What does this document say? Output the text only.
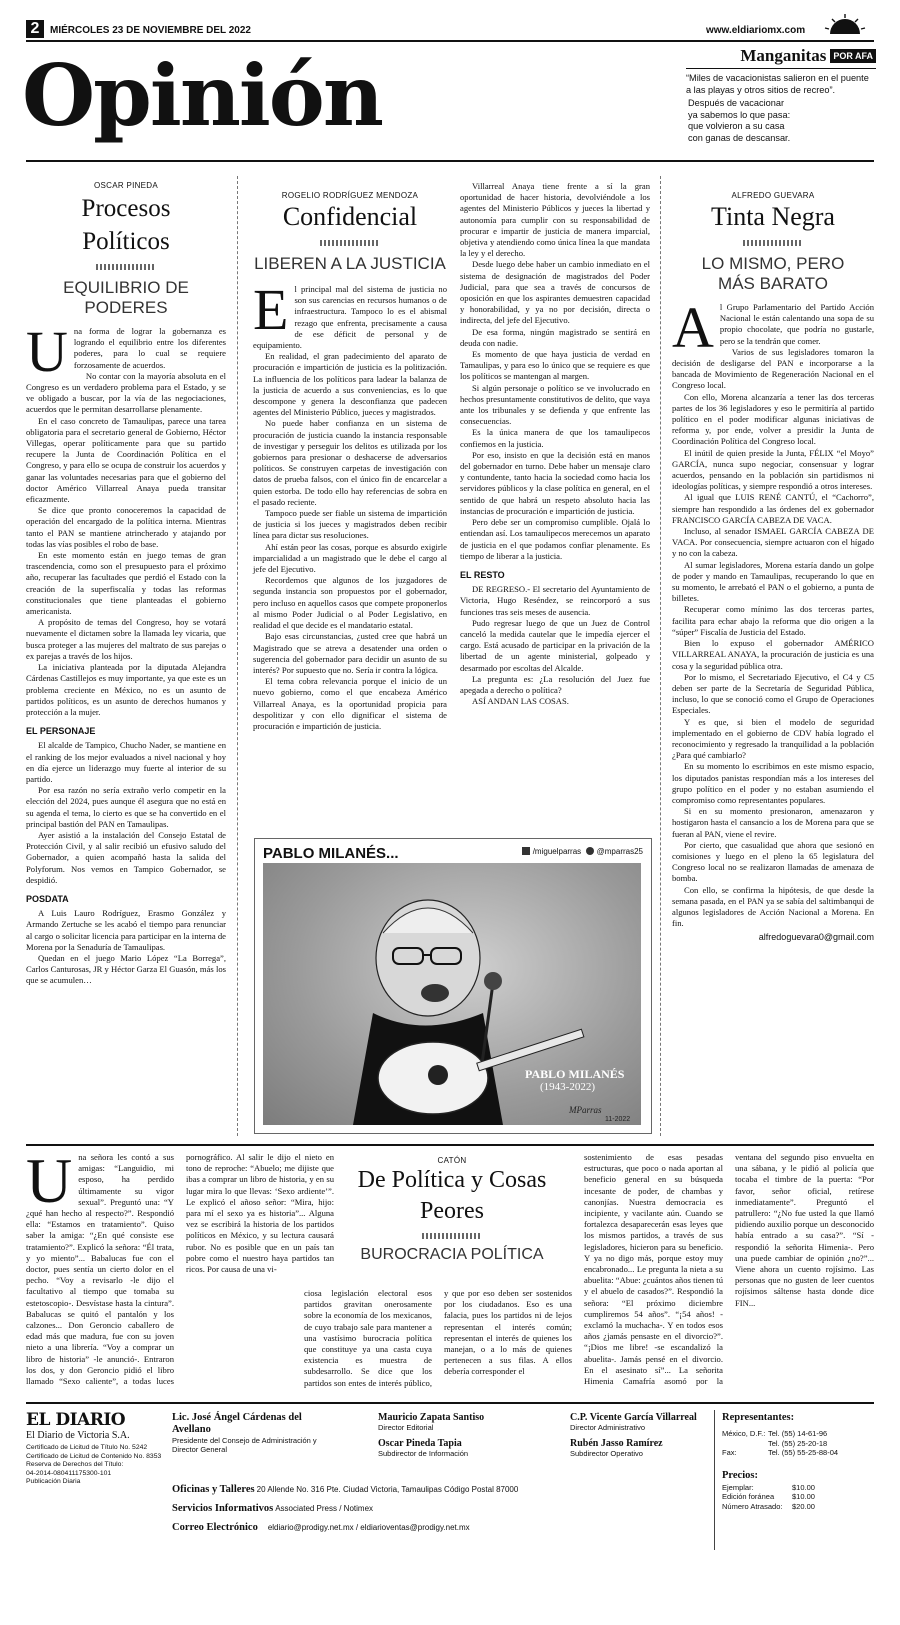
2	MIÉRCOLES 23 DE NOVIEMBRE DEL 2022	www.eldiariomx.com
Opinión	Manganitas POR AFA
“Miles de vacacionistas salieron en el puente a las playas y otros sitios de recreo”.
Después de vacacionar
ya sabemos lo que pasa:
que volvieron a su casa
con ganas de descansar.
OSCAR PINEDA
Procesos Políticos
EQUILIBRIO DE PODERES
U na forma de lograr la gobernanza es logrando el equilibrio entre los diferentes poderes, para lo cual se requiere forzosamente de acuerdos.

No contar con la mayoría absoluta en el Congreso es un verdadero problema para el Estado, y se ve obligado a buscar, por la vía de las negociaciones, acuerdos que le permitan desarrollarse plenamente.

En el caso concreto de Tamaulipas, parece una tarea obligatoria para el secretario general de Gobierno, Héctor Villegas, operar políticamente para que su partido recupere la Junta de Coordinación Política en el Congreso, y para ello se ocupa de construir los acuerdos y ganar las voluntades necesarias para que el gobierno del doctor Américo Villarreal Anaya pueda transitar eficazmente.

Se dice que pronto conoceremos la capacidad de operación del encargado de la política interna. Mientras tanto el PAN se mantiene atrincherado y atajando por todas las vías posibles el robo de base.

En este momento están en juego temas de gran trascendencia, como son el presupuesto para el próximo año, recuperar las facultades que perdió el Estado con la creación de la superfiscalía y todas las reformas constitucionales que tiene planteadas el gobierno americanista.

A propósito de temas del Congreso, hoy se votará nuevamente el dictamen sobre la llamada ley vicaria, que busca proteger a las mujeres del maltrato de sus parejas o ex parejas a través de los hijos.

La iniciativa planteada por la diputada Alejandra Cárdenas Castillejos es muy importante, ya que este es un problema creciente en México, no es un asunto de partidos políticos, es un asunto de derechos humanos y protección a la mujer.

EL PERSONAJE

El alcalde de Tampico, Chucho Nader, se mantiene en el ranking de los mejor evaluados a nivel nacional y hoy en día ejerce un liderazgo muy fuerte al interior de su partido.

Por esa razón no sería extraño verlo competir en la elección del 2024, pues aunque él asegura que no está en su agenda el tema, lo cierto es que se ha convertido en el principal bastión del PAN en Tamaulipas.

Ayer asistió a la instalación del Consejo Estatal de Protección Civil, y al salir recibió un efusivo saludo del Gobernador, a quien acompañó hasta la salida del Polyforum. Nos vemos en Tampico Gobernador, se despidió.

POSDATA

A Luis Lauro Rodríguez, Erasmo González y Armando Zertuche se les acabó el tiempo para renunciar al cargo o solicitar licencia para participar en la interna de Morena por la Senaduría de Tamaulipas.

Quedan en el juego Mario López “La Borrega”, Carlos Canturosas, JR y Héctor Garza El Guasón, más los que se acumulen…

ROGELIO RODRÍGUEZ MENDOZA
Confidencial
LIBEREN A LA JUSTICIA
E l principal mal del sistema de justicia no son sus carencias en recursos humanos o de infraestructura. Tampoco lo es el abismal rezago que enfrenta, precisamente a causa de ese déficit de personal y de equipamiento.

En realidad, el gran padecimiento del aparato de procuración e impartición de justicia es la politización. La influencia de los políticos para ladear la balanza de la justicia de acuerdo a sus conveniencias, es lo que descompone y genera la desconfianza que padecen agentes del Ministerio Público, jueces y magistrados.

No puede haber confianza en un sistema de procuración de justicia cuando la instancia responsable de investigar y perseguir los delitos es utilizada por los gobiernos para presionar o deshacerse de adversarios políticos. Se construyen carpetas de investigación con datos de prueba falsos, con el único fin de encarcelar a quien estorba. De todo ello hay referencias de sobra en el pasado reciente.

Tampoco puede ser fiable un sistema de impartición de justicia si los jueces y magistrados deben recibir línea para dictar sus resoluciones.

Ahí están peor las cosas, porque es absurdo exigirle imparcialidad a un magistrado que le debe el cargo al jefe del Ejecutivo.

Recordemos que algunos de los juzgadores de segunda instancia son propuestos por el gobernador, pero incluso en aquellos casos que compete proponerlos al mismo Poder Judicial o al Poder Legislativo, en realidad el que decide es el mandatario estatal.

Bajo esas circunstancias, ¿usted cree que habrá un Magistrado que se atreva a desatender una orden o sugerencia del gobernador para decidir un asunto de su interés? Por supuesto que no. Sería ir contra la lógica.

El tema cobra relevancia porque el inicio de un nuevo gobierno, como el que encabeza Américo Villarreal Anaya, es la oportunidad propicia para despolitizar y con ello dignificar el sistema de procuración e impartición de justicia.

Villarreal Anaya tiene frente a sí la gran oportunidad de hacer historia, devolviéndole a los agentes del Ministerio Públicos y jueces la libertad y autonomía para cumplir con su responsabilidad de procurar e impartir de justicia de manera imparcial, objetiva y atendiendo como única línea la que mandata la ley y el derecho.

Desde luego debe haber un cambio inmediato en el sistema de designación de magistrados del Poder Judicial, para que sea a través de concursos de oposición en que los aspirantes demuestren capacidad y honorabilidad, y ya no por decisión, directa o indirecta, del jefe del Ejecutivo.

De esa forma, ningún magistrado se sentirá en deuda con nadie.

Es momento de que haya justicia de verdad en Tamaulipas, y para eso lo único que se requiere es que los políticos se mantengan al margen.

Si algún personaje o político se ve involucrado en hechos presuntamente constitutivos de delito, que vaya ante los tribunales y se defienda y que enfrente las consecuencias.

Es la única manera de que los tamaulipecos confiemos en la justicia.

Por eso, insisto en que la decisión está en manos del gobernador en turno. Debe haber un mensaje claro y contundente, tanto hacia la sociedad como hacia los servidores públicos y la clase política en general, en el sentido de que habrá un respeto absoluto hacia las instancias de procuración e impartición de justicia.

Pero debe ser un compromiso cumplible. Ojalá lo entiendan así. Los tamaulipecos merecemos un aparato de justicia en el que podamos confiar plenamente. Es tiempo de liberar a la justicia.

EL RESTO

DE REGRESO.- El secretario del Ayuntamiento de Victoria, Hugo Reséndez, se reincorporó a sus funciones tras seis meses de ausencia.

Pudo regresar luego de que un Juez de Control canceló la medida cautelar que le impedía ejercer el cargo. Está acusado de participar en la privación de la libertad de un agente ministerial, golpeado y desarmado por escoltas del Alcalde.

La pregunta es: ¿La resolución del Juez fue apegada a derecho o política?

ASÍ ANDAN LAS COSAS.

PABLO MILANÉS...	/miguelparras @mparras25
PABLO MILANÉS
(1943-2022)
MParras
11-2022
ALFREDO GUEVARA
Tinta Negra
LO MISMO, PERO MÁS BARATO
A l Grupo Parlamentario del Partido Acción Nacional le están calentando una sopa de su propio chocolate, que podría no gustarle, pero se la tendrán que comer.

Varios de sus legisladores tomaron la decisión de desligarse del PAN e incorporarse a la bancada de Movimiento de Regeneración Nacional en el Congreso local.

Con ello, Morena alcanzaría a tener las dos terceras partes de los 36 legisladores y eso le permitiría al partido político en el poder modificar algunas iniciativas de reforma y, por ende, volver a presidir la Junta de Coordinación Política del Congreso local.

El inútil de quien preside la Junta, FÉLIX “el Moyo” GARCÍA, nunca supo negociar, consensuar y lograr acuerdos, pensando en la población sin partidismos ni ideologías políticas, y siempre respondió a otros intereses.

Al igual que LUIS RENÉ CANTÚ, el “Cachorro”, siempre han respondido a las órdenes del ex gobernador FRANCISCO GARCÍA CABEZA DE VACA.

Incluso, al senador ISMAEL GARCÍA CABEZA DE VACA. Por consecuencia, siempre actuaron con el hígado y no con la cabeza.

Al sumar legisladores, Morena estaría dando un golpe de poder y mando en Tamaulipas, recuperando lo que en su momento, le arrebató el PAN o el gobierno, a punta de billetes.

Recuperar como mínimo las dos terceras partes, facilita para echar abajo la reforma que dio origen a la “súper” Fiscalía de Justicia del Estado.

Bien lo expuso el gobernador AMÉRICO VILLARREAL ANAYA, la procuración de justicia es una cosa y la seguridad pública otra.

Por lo mismo, el Secretariado Ejecutivo, el C4 y C5 deben ser parte de la Secretaría de Seguridad Pública, incluso, lo que se conoció como el Grupo de Operaciones Especiales.

Y es que, si bien el modelo de seguridad implementado en el gobierno de CDV había logrado el reconocimiento y regresado la tranquilidad a la población ¿Para qué cambiarlo?

En su momento lo escribimos en este mismo espacio, los diputados panistas respondían más a los intereses del grupo político en el poder y no estaban asumiendo el compromiso como representantes populares.

Si en su momento presionaron, amenazaron y hostigaron hasta el cansancio a los de Morena para que se fueran al PAN, viene el revire.

Por cierto, que casualidad que ahora que sesionó en comisiones y luego en el pleno la 65 legislatura del Congreso local no se realizaron llamadas de amenaza de bomba.

Con ello, se confirma la hipótesis, de que desde la semana pasada, en el PAN ya se sabía del saltimbanqui de algunos legisladores de Acción Nacional a Morena. En fin.

alfredoguevara0@gmail.com
U na señora les contó a sus amigas: “Languidio, mi esposo, ha perdido últimamente su vigor sexual”. Preguntó una: “Y ¿qué han hecho al respecto?”. Respondió ella: “Estamos en tratamiento”. Quiso saber la amiga: “¿En qué consiste ese tratamiento?”. Explicó la señora: “Él trata, y yo miento”... Babalucas fue con el doctor, pues sentía un cierto dolor en el pecho. “Voy a revisarlo -le dijo el facultativo al tiempo que tomaba su estetoscopio-. Desvístase hasta la cintura”. Babalucas se quitó el pantalón y los calzones... Don Geroncio caballero de edad más que madura, fue con su joven nieto a una librería. “Voy a comprar un libro de historia” -le anunció-. Entraron los dos, y don Geroncio pidió el libro llamado “Sexo caliente”, a todas luces pornográfico. Al salir le dijo el nieto en tono de reproche: “Abuelo; me dijiste que ibas a comprar un libro de historia, y en su lugar mira lo que llevas: ‘Sexo ardiente’”. Le explicó el añoso señor: “Mira, hijo: para mí el sexo ya es historia”... Alguna vez se escribirá la historia de los partidos políticos en México, y su lectura causará rubor. No es posible que en un país tan pobre como el nuestro haya partidos tan ricos. Por causa de una vi-
CATÓN
De Política y Cosas Peores
BUROCRACIA POLÍTICA
ciosa legislación electoral esos partidos gravitan onerosamente sobre la economía de los mexicanos, de cuyo trabajo sale para mantener a una vastísimo burocracia política que constituye ya una casta cuya existencia es muestra de subdesarrollo. Se dice que los partidos son entes de interés público, y que por eso deben ser sostenidos por los ciudadanos. Eso es una falacia, pues los partidos ni de lejos representan el interés común; representan el interés de quienes los manejan, o a lo más de quienes pertenecen a sus filas. A ellos debería corresponder el
sostenimiento de esas pesadas estructuras, que poco o nada aportan al beneficio general en su búsqueda incesante de poder, de chambas y canonjías. Nuestra democracia es incipiente, y vacilante aún. Cuando se fortalezca desaparecerán esas leyes que los mismos partidos, a través de sus legisladores, hicieron para su beneficio. Y ya no digo más, porque estoy muy encabronado... Le pregunta la nieta a su abuelita: “Abue: ¿cuántos años tienen tú y el abuelo de casados?”. Respondió la señora: “El próximo diciembre cumpliremos 54 años”. “¡54 años! -exclamó la muchacha-. Y en todos esos años ¿jamás pensaste en el divorcio?”. “¡Dios me libre! -se escandalizó la abuelita-. Jamás pensé en el divorcio. En el asesinato sí”... La señorita Himenia Camafría asomó por la ventana del segundo piso envuelta en una sábana, y le pidió al policía que tocaba el timbre de la puerta: “Por favor, señor oficial, retírese inmediatamente”. Preguntó el patrullero: “¿No fue usted la que llamó pidiendo auxilio porque un desconocido había entrado a su casa?”. “Sí -respondió la señorita Himenia-. Pero una puede cambiar de opinión ¿no?”... Viene ahora un cuento rojísimo. Las personas que no gusten de leer cuentos rojísimos sáltense hasta donde dice FIN...
EL DIARIO
El Diario de Victoria S.A.
Certificado de Licitud de Título No. 5242
Certificado de Licitud de Contenido No. 8353
Reserva de Derechos del Título:
04-2014-080411175300-101
Publicación Diaria
Lic. José Ángel Cárdenas del Avellano
Presidente del Consejo de Administración y Director General
Mauricio Zapata Santiso
Director Editorial
Oscar Pineda Tapia
Subdirector de Información
C.P. Vicente García Villarreal
Director Administrativo
Rubén Jasso Ramírez
Subdirector Operativo
Oficinas y Talleres 20 Allende No. 316 Pte. Ciudad Victoria, Tamaulipas Código Postal 87000
Servicios Informativos Associated Press / Notimex
Correo Electrónico eldiario@prodigy.net.mx / eldiarioventas@prodigy.net.mx
Representantes:
México, D.F.: Tel. (55) 14-61-96
Tel. (55) 25-20-18
Fax:	Tel. (55) 55-25-88-04
Precios:
Ejemplar:	$10.00
Edición foránea	$10.00
Número Atrasado:	$20.00
